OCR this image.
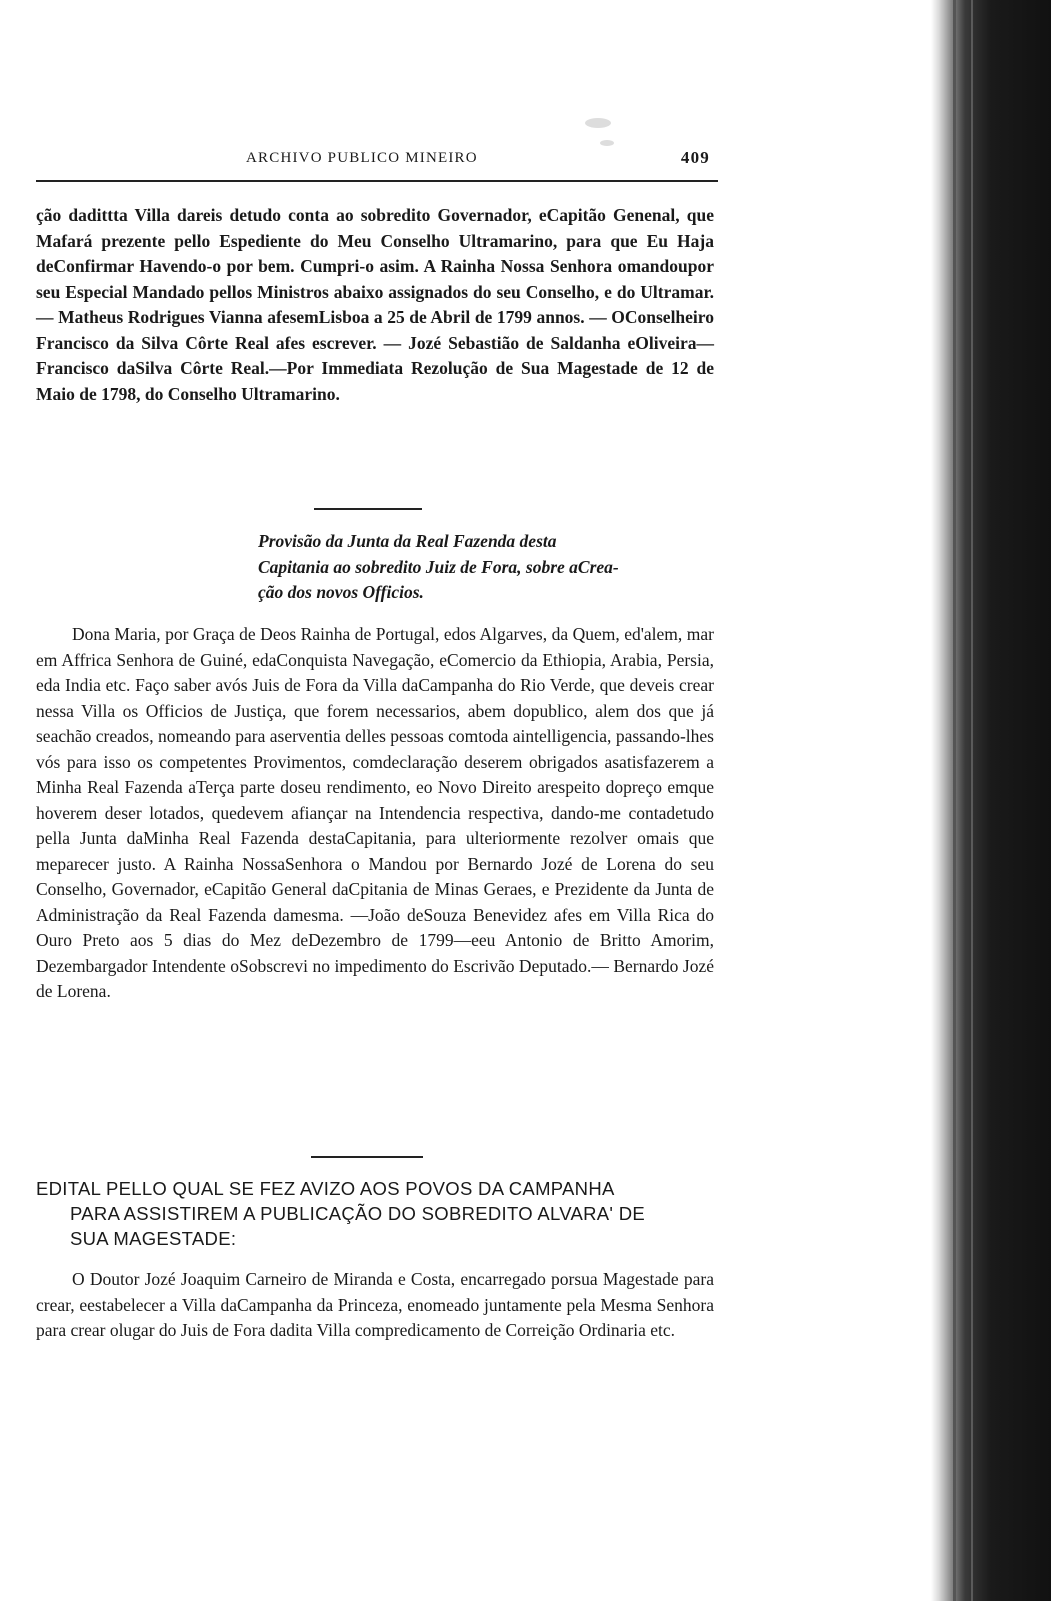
ARCHIVO PUBLICO MINEIRO	409

ção dadittta Villa dareis detudo conta ao sobredito Governador, eCapitão Genenal, que Mafará prezente pello Espediente do Meu Conselho Ultramarino, para que Eu Haja deConfirmar Havendo-o por bem. Cumpri-o asim. A Rainha Nossa Senhora omandoupor seu Especial Mandado pellos Ministros abaixo assignados do seu Conselho, e do Ultramar. — Matheus Rodrigues Vianna afesemLisboa a 25 de Abril de 1799 annos. — OConselheiro Francisco da Silva Côrte Real afes escrever. — Jozé Sebastião de Saldanha eOliveira—Francisco daSilva Côrte Real.—Por Immediata Rezolução de Sua Magestade de 12 de Maio de 1798, do Conselho Ultramarino.

Provisão da Junta da Real Fazenda desta
Capitania ao sobredito Juiz de Fora, sobre aCrea-
ção dos novos Officios.

Dona Maria, por Graça de Deos Rainha de Portugal, edos Algarves, da Quem, ed'alem, mar em Affrica Senhora de Guiné, edaConquista Navegação, eComercio da Ethiopia, Arabia, Persia, eda India etc. Faço saber avós Juis de Fora da Villa daCampanha do Rio Verde, que deveis crear nessa Villa os Officios de Justiça, que forem necessarios, abem dopublico, alem dos que já seachão creados, nomeando para aserventia delles pessoas comtoda aintelligencia, passando-lhes vós para isso os competentes Provimentos, comdeclaração deserem obrigados asatisfazerem a Minha Real Fazenda aTerça parte doseu rendimento, eo Novo Direito arespeito dopreço emque hoverem deser lotados, quedevem afiançar na Intendencia respectiva, dando-me contadetudo pella Junta daMinha Real Fazenda destaCapitania, para ulteriormente rezolver omais que meparecer justo. A Rainha NossaSenhora o Mandou por Bernardo Jozé de Lorena do seu Conselho, Governador, eCapitão General daCpitania de Minas Geraes, e Prezidente da Junta de Administração da Real Fazenda damesma. —João deSouza Benevidez afes em Villa Rica do Ouro Preto aos 5 dias do Mez deDezembro de 1799—eeu Antonio de Britto Amorim, Dezembargador Intendente oSobscrevi no impedimento do Escrivão Deputado.— Bernardo Jozé de Lorena.

EDITAL PELLO QUAL SE FEZ AVIZO AOS POVOS DA CAMPANHA
PARA ASSISTIREM A PUBLICAÇÃO DO SOBREDITO ALVARA' DE
SUA MAGESTADE:

O Doutor Jozé Joaquim Carneiro de Miranda e Costa, encarregado porsua Magestade para crear, eestabelecer a Villa daCampanha da Princeza, enomeado juntamente pela Mesma Senhora para crear olugar do Juis de Fora dadita Villa compredicamento de Correição Ordinaria etc.
